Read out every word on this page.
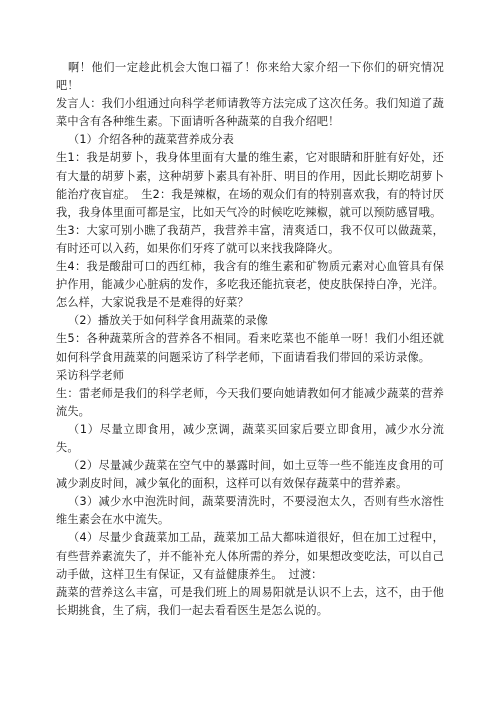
啊！他们一定趁此机会大饱口福了！你来给大家介绍一下你们的研究情况吧！

发言人：我们小组通过向科学老师请教等方法完成了这次任务。我们知道了蔬菜中含有各种维生素。下面请听各种蔬菜的自我介绍吧！

（1）介绍各种的蔬菜营养成分表

生1：我是胡萝卜，我身体里面有大量的维生素，它对眼睛和肝脏有好处，还有大量的胡萝卜素，这种胡萝卜素具有补肝、明目的作用，因此长期吃胡萝卜能治疗夜盲症。　生2：我是辣椒，在场的观众们有的特别喜欢我，有的特讨厌我，我身体里面可都是宝，比如天气冷的时候吃吃辣椒，就可以预防感冒哦。

生3：大家可别小瞧了我葫芦，我营养丰富，清爽适口，我不仅可以做蔬菜，有时还可以入药，如果你们牙疼了就可以来找我降降火。

生4：我是酸甜可口的西红柿，我含有的维生素和矿物质元素对心血管具有保护作用，能减少心脏病的发作，多吃我还能抗衰老，使皮肤保持白净，光洋。怎么样，大家说我是不是难得的好菜？

（2）播放关于如何科学食用蔬菜的录像

生5：各种蔬菜所含的营养各不相同。看来吃菜也不能单一呀！我们小组还就如何科学食用蔬菜的问题采访了科学老师，下面请看我们带回的采访录像。

采访科学老师

生：雷老师是我们的科学老师，今天我们要向她请教如何才能减少蔬菜的营养流失。

（1）尽量立即食用，减少烹调，蔬菜买回家后要立即食用，减少水分流失。

（2）尽量减少蔬菜在空气中的暴露时间，如土豆等一些不能连皮食用的可减少剥皮时间，减少氧化的面积，这样可以有效保存蔬菜中的营养素。

（3）减少水中泡洗时间，蔬菜要清洗时，不要浸泡太久，否则有些水溶性维生素会在水中流失。

（4）尽量少食蔬菜加工品，蔬菜加工品大都味道很好，但在加工过程中，有些营养素流失了，并不能补充人体所需的养分，如果想改变吃法，可以自己动手做，这样卫生有保证，又有益健康养生。　过渡：

蔬菜的营养这么丰富，可是我们班上的周易阳就是认识不上去，这不，由于他长期挑食，生了病，我们一起去看看医生是怎么说的。
